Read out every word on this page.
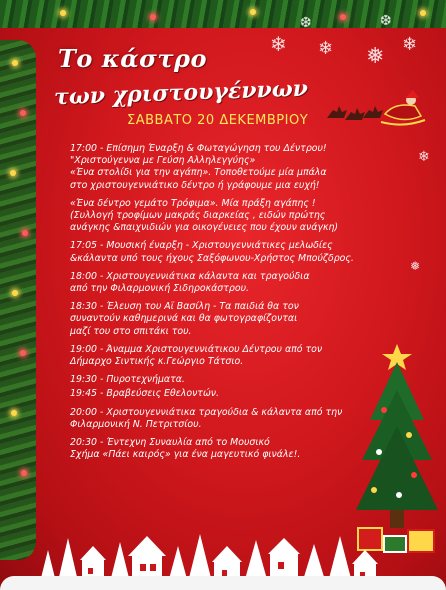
❄ ❄ ❅ ❄
❆	❆
❄
❅
Το κάστρο
των χριστουγέννων
ΣΑΒΒΑΤΟ 20 ΔΕΚΕΜΒΡΙΟΥ

17:00 - Επίσημη Έναρξη & Φωταγώγηση του Δέντρου!
"Χριστούγεννα με Γεύση Αλληλεγγύης»
«Ένα στολίδι για την αγάπη». Τοποθετούμε μία μπάλα
στο χριστουγεννιάτικο δέντρο ή γράφουμε μια ευχή!

«Ένα δέντρο γεμάτο Τρόφιμα». Μία πράξη αγάπης !
(Συλλογή τροφίμων μακράς διαρκείας , ειδών πρώτης
ανάγκης &παιχνιδιών για οικογένειες που έχουν ανάγκη)

17:05 - Μουσική έναρξη - Χριστουγεννιάτικες μελωδίες
&κάλαντα υπό τους ήχους Σαξόφωνου-Χρήστος Μπούζδρος.

18:00 - Χριστουγεννιάτικα κάλαντα και τραγούδια
από την Φιλαρμονική Σιδηροκάστρου.

18:30 - Έλευση του Αϊ Βασίλη - Τα παιδιά θα τον
συναντούν καθημερινά και θα φωτογραφίζονται
μαζί του στο σπιτάκι του.

19:00 - Άναμμα Χριστουγεννιάτικου Δέντρου από τον
Δήμαρχο Σιντικής κ.Γεώργιο Τάτσιο.

19:30 - Πυροτεχνήματα.

19:45 - Βραβεύσεις Εθελοντών.

20:00 - Χριστουγεννιάτικα τραγούδια & κάλαντα από την
Φιλαρμονική Ν. Πετριτσίου.

20:30 - Έντεχνη Συναυλία από το Μουσικό
Σχήμα «Πάει καιρός» για ένα μαγευτικό φινάλε!.
